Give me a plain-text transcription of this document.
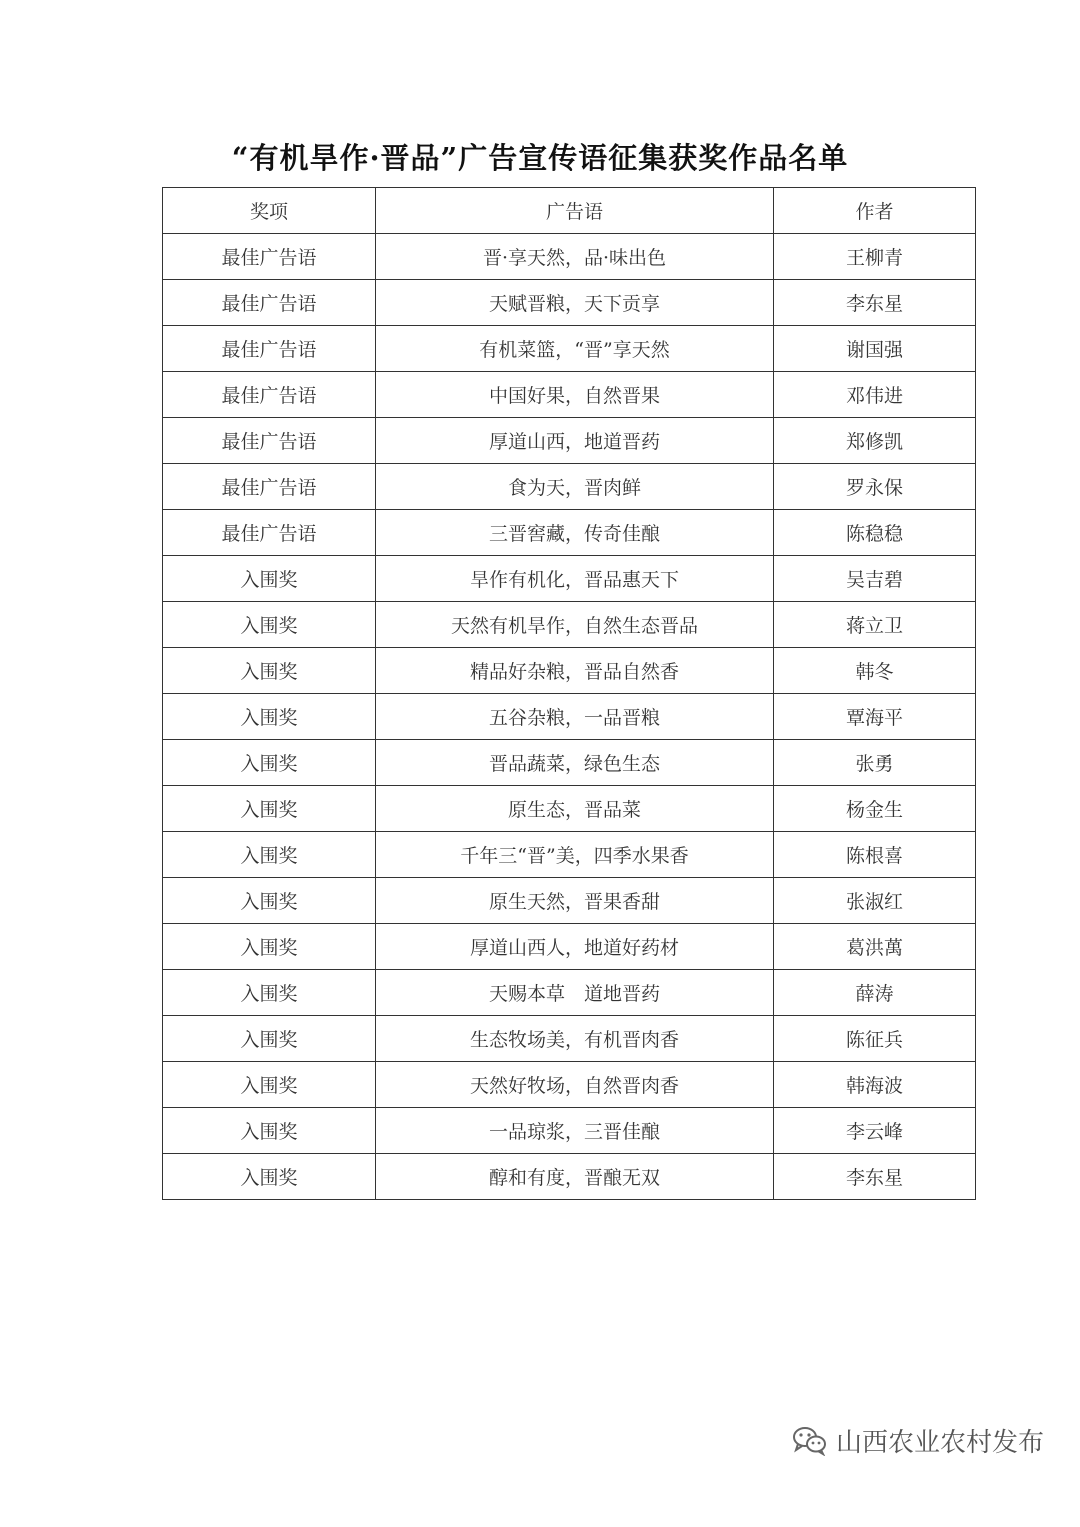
“有机旱作·晋品”广告宣传语征集获奖作品名单
奖项	广告语	作者
最佳广告语	晋·享天然，品·味出色	王柳青
最佳广告语	天赋晋粮，天下贡享	李东星
最佳广告语	有机菜篮，“晋”享天然	谢国强
最佳广告语	中国好果，自然晋果	邓伟进
最佳广告语	厚道山西，地道晋药	郑修凯
最佳广告语	食为天，晋肉鲜	罗永保
最佳广告语	三晋窖藏，传奇佳酿	陈稳稳
入围奖	旱作有机化，晋品惠天下	吴吉碧
入围奖	天然有机旱作，自然生态晋品	蒋立卫
入围奖	精品好杂粮，晋品自然香	韩冬
入围奖	五谷杂粮，一品晋粮	覃海平
入围奖	晋品蔬菜，绿色生态	张勇
入围奖	原生态，晋品菜	杨金生
入围奖	千年三“晋”美，四季水果香	陈根喜
入围奖	原生天然，晋果香甜	张淑红
入围奖	厚道山西人，地道好药材	葛洪萬
入围奖	天赐本草　道地晋药	薛涛
入围奖	生态牧场美，有机晋肉香	陈征兵
入围奖	天然好牧场，自然晋肉香	韩海波
入围奖	一品琼浆，三晋佳酿	李云峰
入围奖	醇和有度，晋酿无双	李东星
山西农业农村发布
